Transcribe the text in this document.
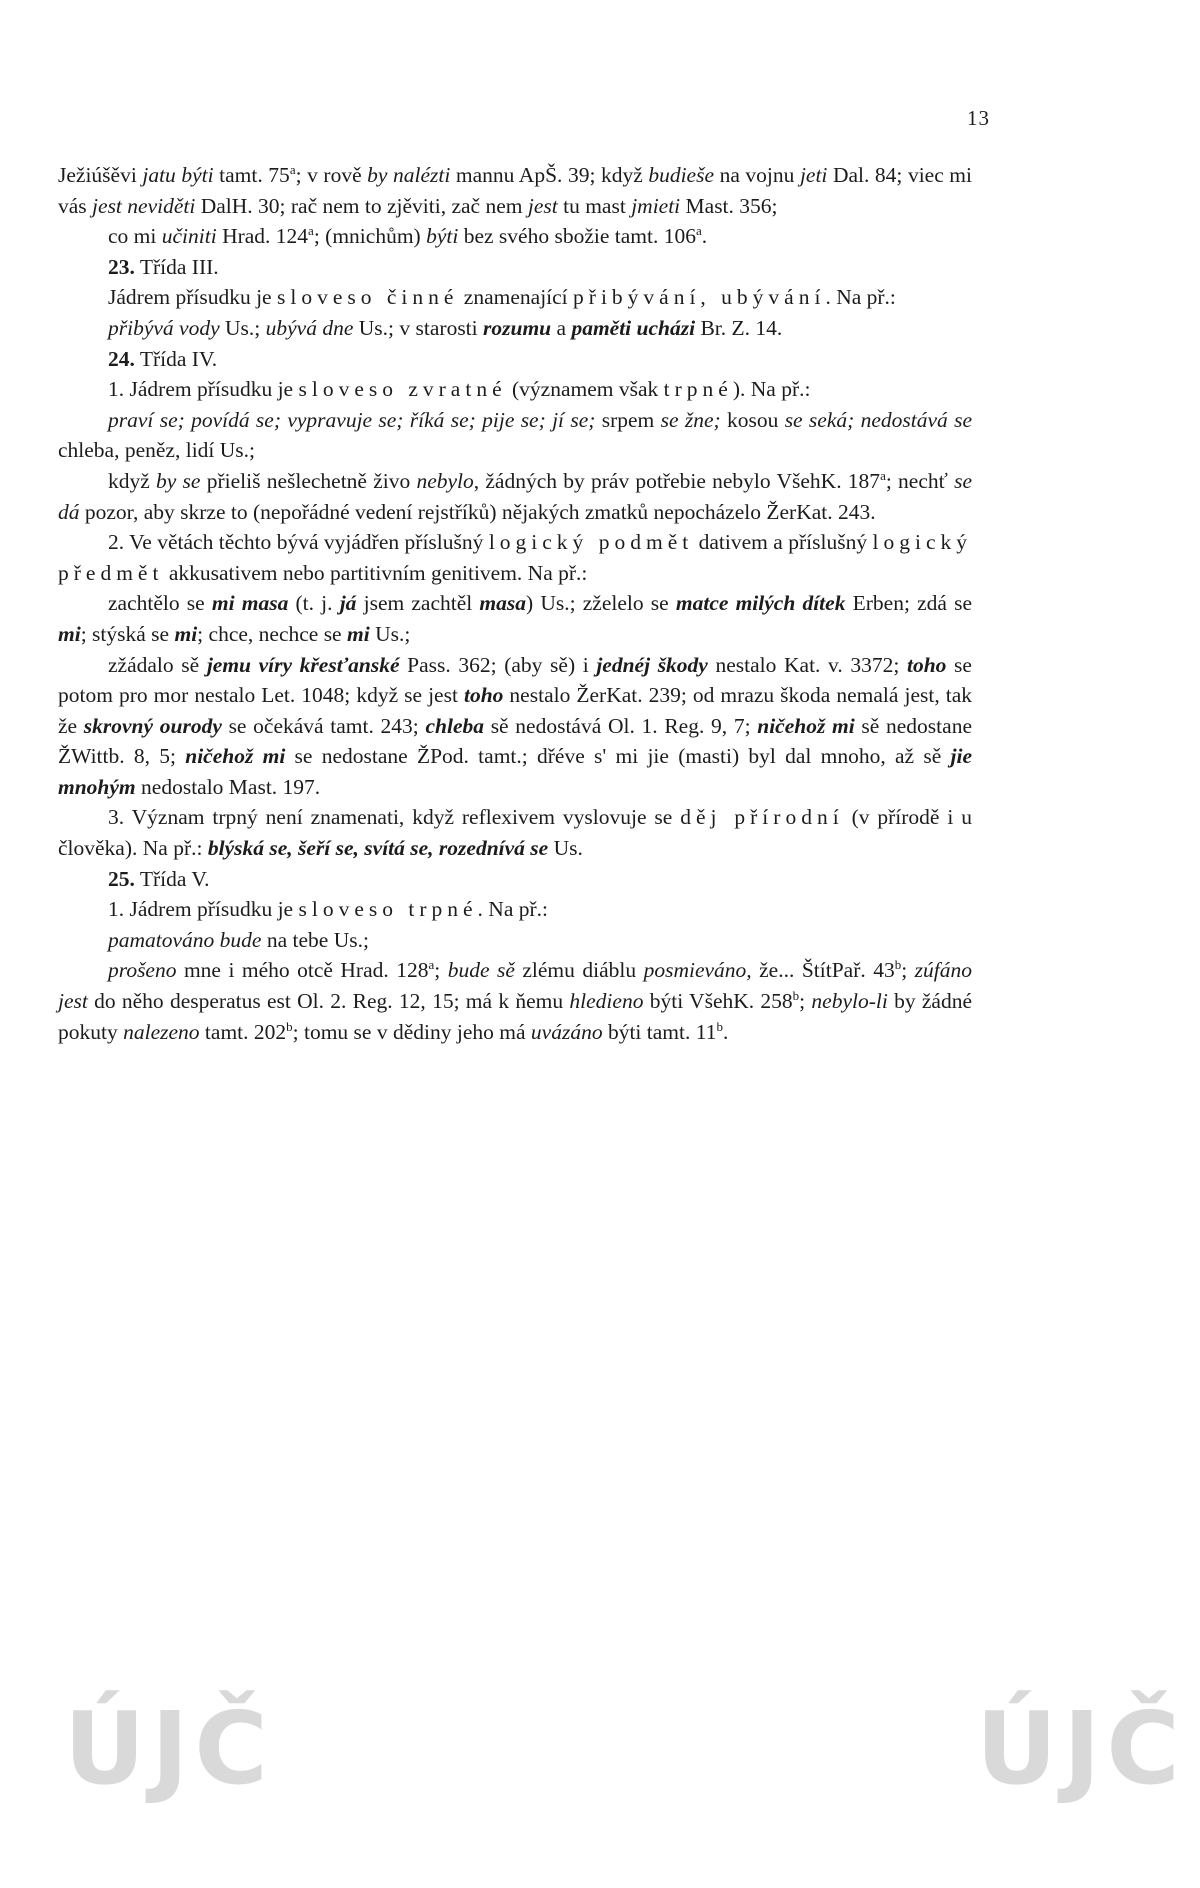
13

Ježiúšěvi jatu býti tamt. 75$^a$; v rově by nalézti mannu ApŠ. 39; když budieše na vojnu jeti Dal. 84; viec mi vás jest neviděti DalH. 30; rač nem to zjěviti, zač nem jest tu mast jmieti Mast. 356;

co mi učiniti Hrad. 124$^a$; (mnichům) býti bez svého sbožie tamt. 106$^a$.

23. Třída III.

Jádrem přísudku je sloveso činné znamenající přibývání, ubývání. Na př.:

přibývá vody Us.; ubývá dne Us.; v starosti rozumu a paměti ucházi Br. Z. 14.

24. Třída IV.

1. Jádrem přísudku je sloveso zvratné (významem však trpné). Na př.:

praví se; povídá se; vypravuje se; říká se; pije se; jí se; srpem se žne; kosou se seká; nedostává se chleba, peněz, lidí Us.;

když by se přieliš nešlechetně živo nebylo, žádných by práv potřebie nebylo VšehK. 187$^a$; nechť se dá pozor, aby skrze to (nepořádné vedení rejstříků) nějakých zmatků nepocházelo ŽerKat. 243.

2. Ve větách těchto bývá vyjádřen příslušný logický podmět dativem a příslušný logický předmět akkusativem nebo partitivním genitivem. Na př.:

zachtělo se mi masa (t. j. já jsem zachtěl masa) Us.; zželelo se matce milých dítek Erben; zdá se mi; stýská se mi; chce, nechce se mi Us.;

zžádalo sě jemu víry křesťanské Pass. 362; (aby sě) i jednéj škody nestalo Kat. v. 3372; toho se potom pro mor nestalo Let. 1048; když se jest toho nestalo ŽerKat. 239; od mrazu škoda nemalá jest, tak že skrovný ourody se očekává tamt. 243; chleba sě nedostává Ol. 1. Reg. 9, 7; ničehož mi sě nedostane ŽWittb. 8, 5; ničehož mi se nedostane ŽPod. tamt.; dřéve s' mi jie (masti) byl dal mnoho, až sě jie mnohým nedostalo Mast. 197.

3. Význam trpný není znamenati, když reflexivem vyslovuje se děj přírodní (v přírodě i u člověka). Na př.: blýská se, šeří se, svítá se, rozednívá se Us.

25. Třída V.

1. Jádrem přísudku je sloveso trpné. Na př.:

pamatováno bude na tebe Us.;

prošeno mne i mého otcě Hrad. 128$^a$; bude sě zlému diáblu posmieváno, že... ŠtítPař. 43$^b$; zúfáno jest do něho desperatus est Ol. 2. Reg. 12, 15; má k ňemu hledieno býti VšehK. 258$^b$; nebylo-li by žádné pokuty nalezeno tamt. 202$^b$; tomu se v dědiny jeho má uvázáno býti tamt. 11$^b$.

ÚJČ	ÚJČ
